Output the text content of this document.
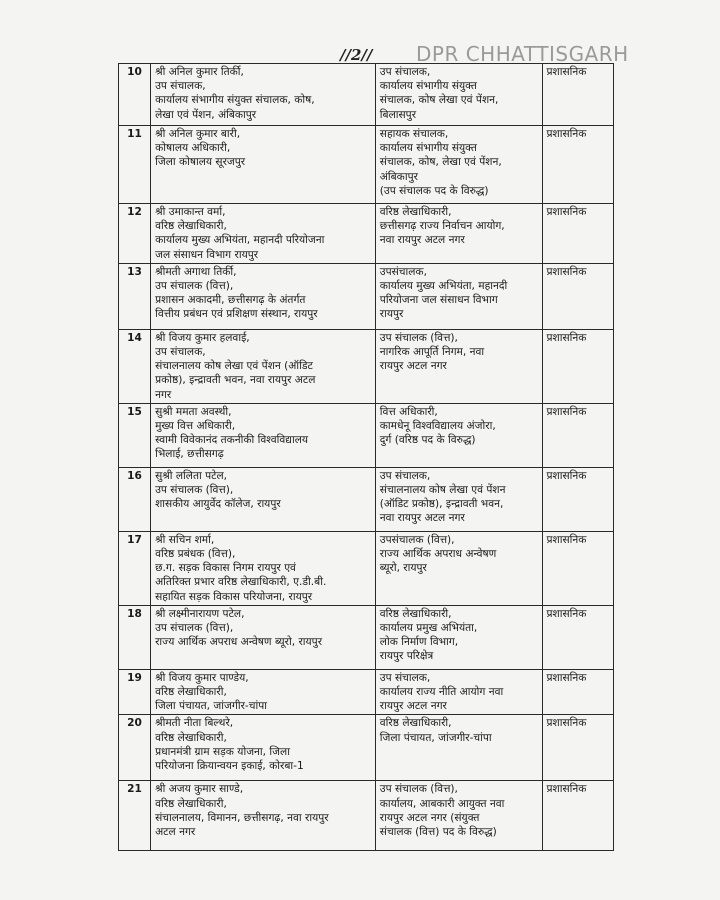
//2// DPR CHHATTISGARH
10	श्री अनिल कुमार तिर्की,
उप संचालक,
कार्यालय संभागीय संयुक्त संचालक, कोष,
लेखा एवं पेंशन, अंबिकापुर	उप संचालक,
कार्यालय संभागीय संयुक्त
संचालक, कोष लेखा एवं पेंशन,
बिलासपुर	प्रशासनिक
11	श्री अनिल कुमार बारी,
कोषालय अधिकारी,
जिला कोषालय सूरजपुर	सहायक संचालक,
कार्यालय संभागीय संयुक्त
संचालक, कोष, लेखा एवं पेंशन,
अंबिकापुर
(उप संचालक पद के विरुद्ध)	प्रशासनिक
12	श्री उमाकान्त वर्मा,
वरिष्ठ लेखाधिकारी,
कार्यालय मुख्य अभियंता, महानदी परियोजना
जल संसाधन विभाग रायपुर	वरिष्ठ लेखाधिकारी,
छत्तीसगढ़ राज्य निर्वाचन आयोग,
नवा रायपुर अटल नगर	प्रशासनिक
13	श्रीमती अगाथा तिर्की,
उप संचालक (वित्त),
प्रशासन अकादमी, छत्तीसगढ़ के अंतर्गत
वित्तीय प्रबंधन एवं प्रशिक्षण संस्थान, रायपुर	उपसंचालक,
कार्यालय मुख्य अभियंता, महानदी
परियोजना जल संसाधन विभाग
रायपुर	प्रशासनिक
14	श्री विजय कुमार हलवाई,
उप संचालक,
संचालनालय कोष लेखा एवं पेंशन (ऑडिट
प्रकोष्ठ), इन्द्रावती भवन, नवा रायपुर अटल
नगर	उप संचालक (वित्त),
नागरिक आपूर्ति निगम, नवा
रायपुर अटल नगर	प्रशासनिक
15	सुश्री ममता अवस्थी,
मुख्य वित्त अधिकारी,
स्वामी विवेकानंद तकनीकी विश्वविद्यालय
भिलाई, छत्तीसगढ़	वित्त अधिकारी,
कामधेनू विश्वविद्यालय अंजोरा,
दुर्ग (वरिष्ठ पद के विरुद्ध)	प्रशासनिक
16	सुश्री ललिता पटेल,
उप संचालक (वित्त),
शासकीय आयुर्वेद कॉलेज, रायपुर	उप संचालक,
संचालनालय कोष लेखा एवं पेंशन
(ऑडिट प्रकोष्ठ), इन्द्रावती भवन,
नवा रायपुर अटल नगर	प्रशासनिक
17	श्री सचिन शर्मा,
वरिष्ठ प्रबंधक (वित्त),
छ.ग. सड़क विकास निगम रायपुर एवं
अतिरिक्त प्रभार वरिष्ठ लेखाधिकारी, ए.डी.बी.
सहायित सड़क विकास परियोजना, रायपुर	उपसंचालक (वित्त),
राज्य आर्थिक अपराध अन्वेषण
ब्यूरो, रायपुर	प्रशासनिक
18	श्री लक्ष्मीनारायण पटेल,
उप संचालक (वित्त),
राज्य आर्थिक अपराध अन्वेषण ब्यूरो, रायपुर	वरिष्ठ लेखाधिकारी,
कार्यालय प्रमुख अभियंता,
लोक निर्माण विभाग,
रायपुर परिक्षेत्र	प्रशासनिक
19	श्री विजय कुमार पाण्डेय,
वरिष्ठ लेखाधिकारी,
जिला पंचायत, जांजगीर-चांपा	उप संचालक,
कार्यालय राज्य नीति आयोग नवा
रायपुर अटल नगर	प्रशासनिक
20	श्रीमती नीता बिल्थरे,
वरिष्ठ लेखाधिकारी,
प्रधानमंत्री ग्राम सड़क योजना, जिला
परियोजना क्रियान्वयन इकाई, कोरबा-1	वरिष्ठ लेखाधिकारी,
जिला पंचायत, जांजगीर-चांपा	प्रशासनिक
21	श्री अजय कुमार साण्डे,
वरिष्ठ लेखाधिकारी,
संचालनालय, विमानन, छत्तीसगढ़, नवा रायपुर
अटल नगर	उप संचालक (वित्त),
कार्यालय, आबकारी आयुक्त नवा
रायपुर अटल नगर (संयुक्त
संचालक (वित्त) पद के विरुद्ध)	प्रशासनिक
